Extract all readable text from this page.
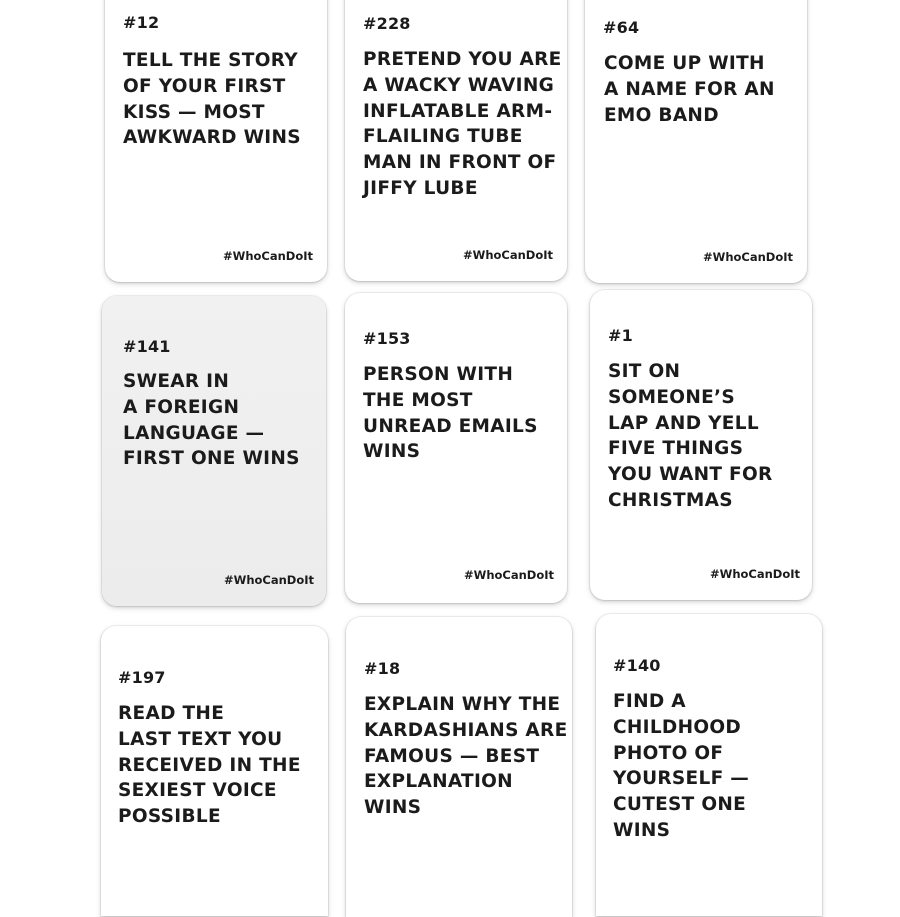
#12

TELL THE STORY
OF YOUR FIRST
KISS — MOST
AWKWARD WINS

#WhoCanDoIt
#228

PRETEND YOU ARE
A WACKY WAVING
INFLATABLE ARM-
FLAILING TUBE
MAN IN FRONT OF
JIFFY LUBE

#WhoCanDoIt
#64

COME UP WITH
A NAME FOR AN
EMO BAND

#WhoCanDoIt
#141

SWEAR IN
A FOREIGN
LANGUAGE —
FIRST ONE WINS

#WhoCanDoIt
#153

PERSON WITH
THE MOST
UNREAD EMAILS
WINS

#WhoCanDoIt
#1

SIT ON
SOMEONE’S
LAP AND YELL
FIVE THINGS
YOU WANT FOR
CHRISTMAS

#WhoCanDoIt
#197

READ THE
LAST TEXT YOU
RECEIVED IN THE
SEXIEST VOICE
POSSIBLE

#18

EXPLAIN WHY THE
KARDASHIANS ARE
FAMOUS — BEST
EXPLANATION WINS

#140

FIND A
CHILDHOOD
PHOTO OF
YOURSELF —
CUTEST ONE
WINS
